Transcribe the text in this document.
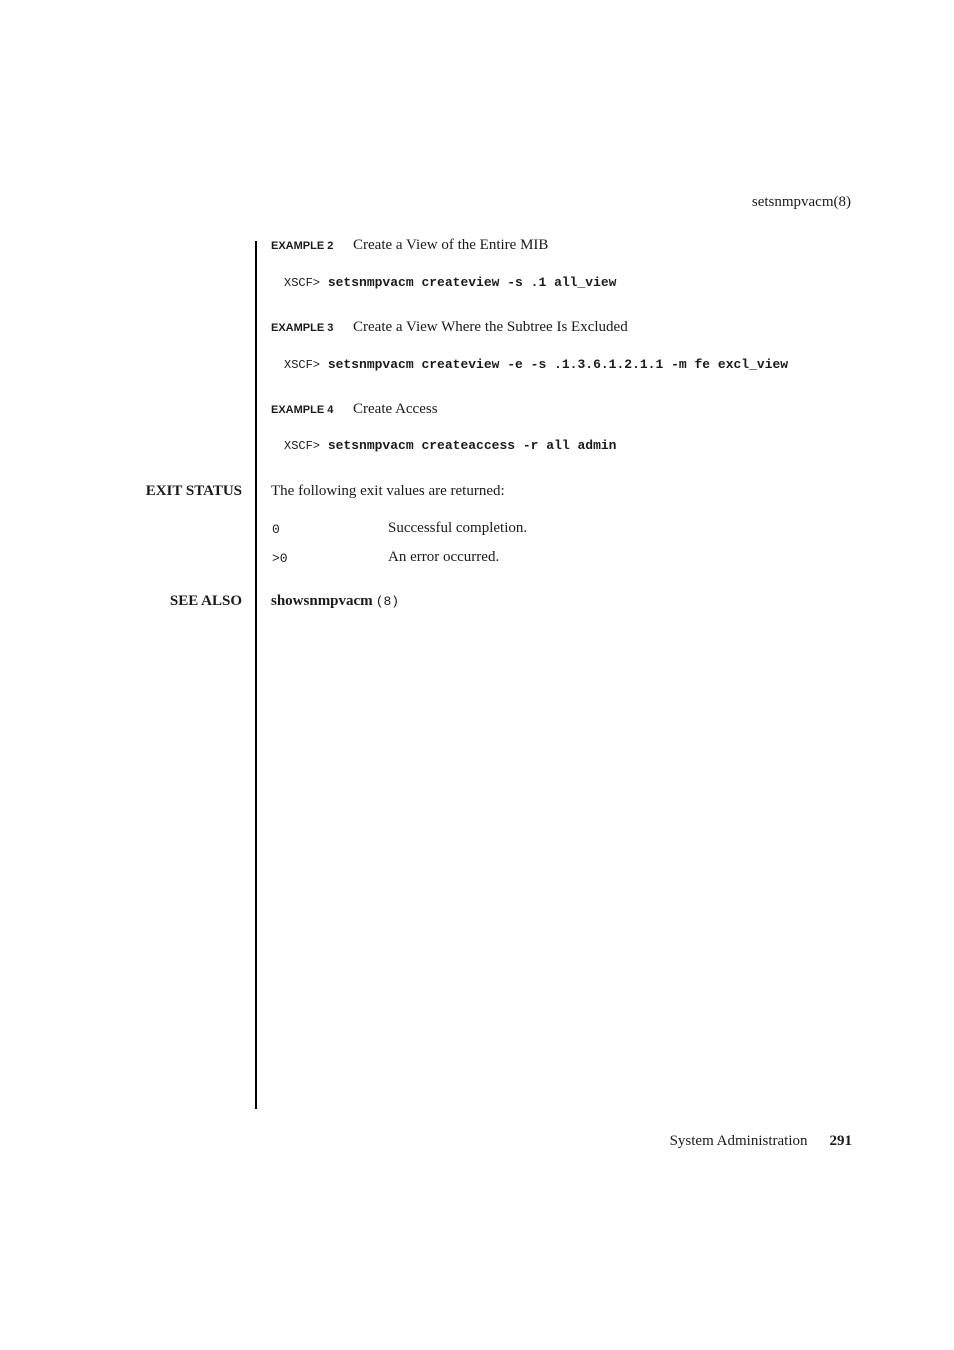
setsnmpvacm(8)
EXAMPLE 2 Create a View of the Entire MIB
XSCF> setsnmpvacm createview -s .1 all_view
EXAMPLE 3 Create a View Where the Subtree Is Excluded
XSCF> setsnmpvacm createview -e -s .1.3.6.1.2.1.1 -m fe excl_view
EXAMPLE 4 Create Access
XSCF> setsnmpvacm createaccess -r all admin
EXIT STATUS The following exit values are returned:
0	Successful completion.
>0	An error occurred.
SEE ALSO showsnmpvacm (8)
System Administration 291
